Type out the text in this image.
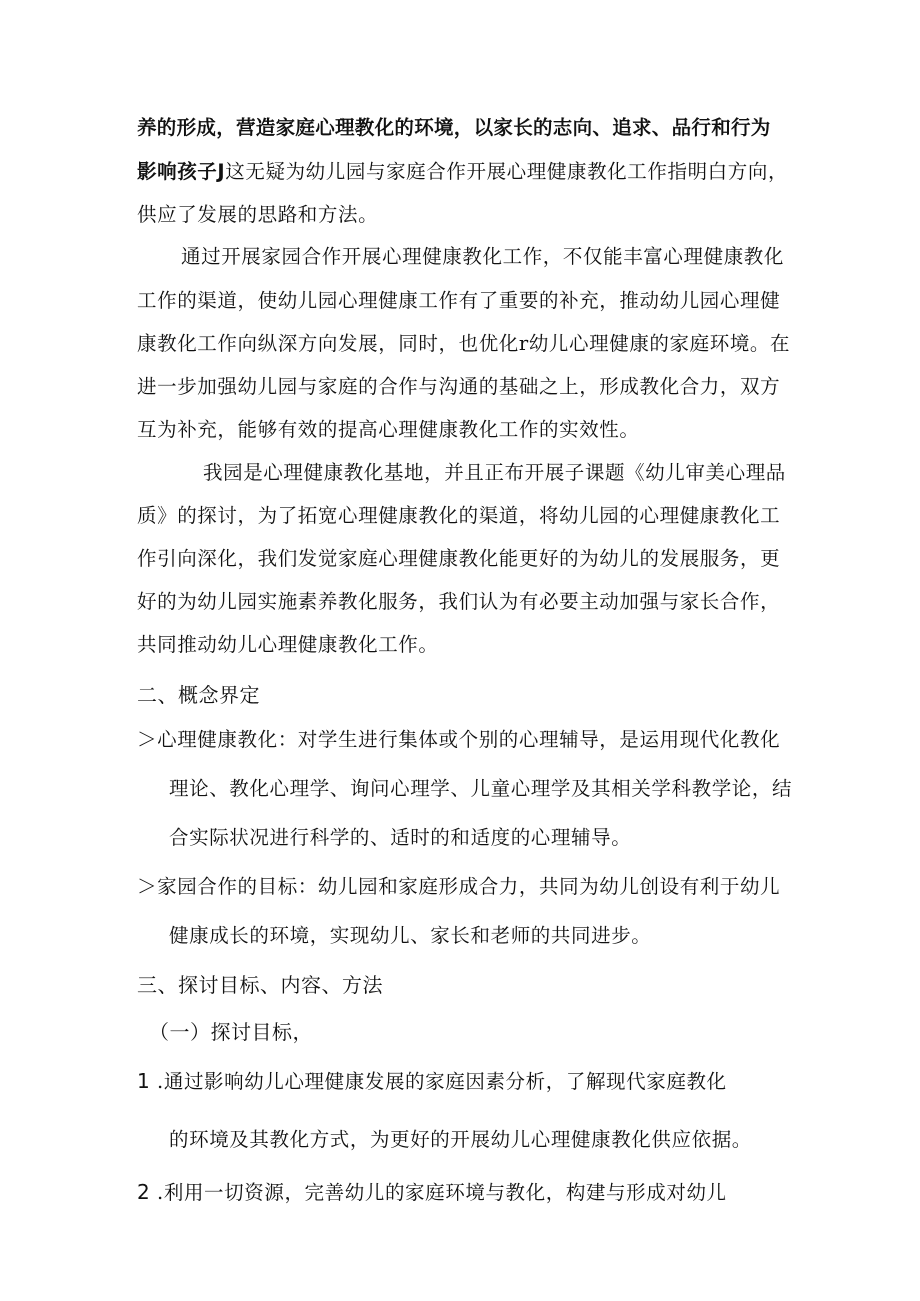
养的形成，营造家庭心理教化的环境，以家长的志向、追求、品行和行为
影响孩子J这无疑为幼儿园与家庭合作开展心理健康教化工作指明白方向，
供应了发展的思路和方法。
通过开展家园合作开展心理健康教化工作，不仅能丰富心理健康教化
工作的渠道，使幼儿园心理健康工作有了重要的补充，推动幼儿园心理健
康教化工作向纵深方向发展，同时，也优化r幼儿心理健康的家庭环境。在
进一步加强幼儿园与家庭的合作与沟通的基础之上，形成教化合力，双方
互为补充，能够有效的提高心理健康教化工作的实效性。
我园是心理健康教化基地，并且正布开展子课题《幼儿审美心理品
质》的探讨，为了拓宽心理健康教化的渠道，将幼儿园的心理健康教化工
作引向深化，我们发觉家庭心理健康教化能更好的为幼儿的发展服务，更
好的为幼儿园实施素养教化服务，我们认为有必要主动加强与家长合作，
共同推动幼儿心理健康教化工作。
二、概念界定
＞心理健康教化：对学生进行集体或个别的心理辅导，是运用现代化教化
理论、教化心理学、询问心理学、儿童心理学及其相关学科教学论，结
合实际状况进行科学的、适时的和适度的心理辅导。
＞家园合作的目标：幼儿园和家庭形成合力，共同为幼儿创设有利于幼儿
健康成长的环境，实现幼儿、家长和老师的共同进步。
三、探讨目标、内容、方法
（一）探讨目标，
1 .通过影响幼儿心理健康发展的家庭因素分析，了解现代家庭教化
的环境及其教化方式，为更好的开展幼儿心理健康教化供应依据。
2 .利用一切资源，完善幼儿的家庭环境与教化，构建与形成对幼儿
